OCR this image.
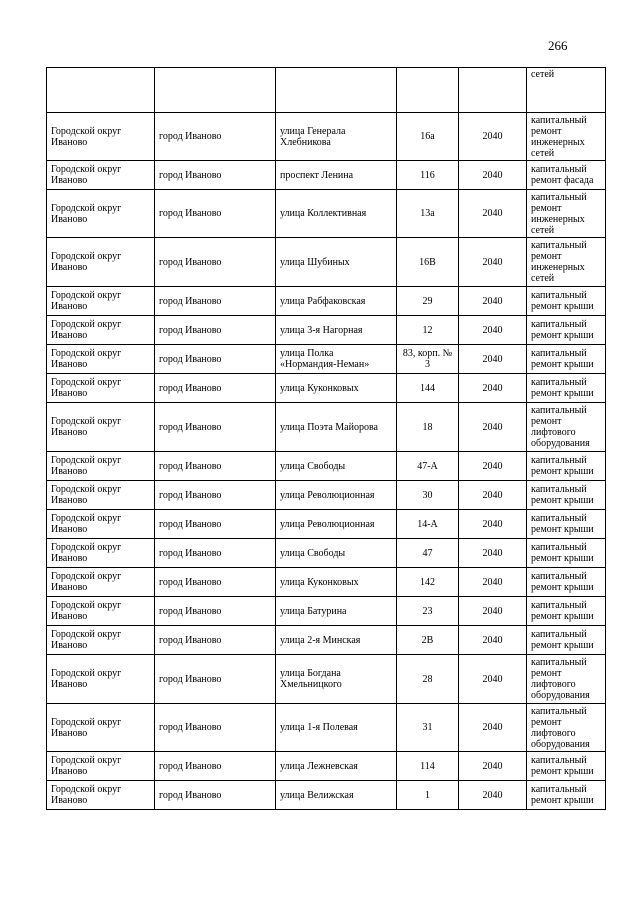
266
					сетей
Городской округ Иваново	город Иваново	улица Генерала Хлебникова	16а	2040	капитальный ремонт инженерных сетей
Городской округ Иваново	город Иваново	проспект Ленина	116	2040	капитальный ремонт фасада
Городской округ Иваново	город Иваново	улица Коллективная	13а	2040	капитальный ремонт инженерных сетей
Городской округ Иваново	город Иваново	улица Шубиных	16В	2040	капитальный ремонт инженерных сетей
Городской округ Иваново	город Иваново	улица Рабфаковская	29	2040	капитальный ремонт крыши
Городской округ Иваново	город Иваново	улица 3-я Нагорная	12	2040	капитальный ремонт крыши
Городской округ Иваново	город Иваново	улица Полка «Нормандия-Неман»	83, корп. № 3	2040	капитальный ремонт крыши
Городской округ Иваново	город Иваново	улица Куконковых	144	2040	капитальный ремонт крыши
Городской округ Иваново	город Иваново	улица Поэта Майорова	18	2040	капитальный ремонт лифтового оборудования
Городской округ Иваново	город Иваново	улица Свободы	47-А	2040	капитальный ремонт крыши
Городской округ Иваново	город Иваново	улица Революционная	30	2040	капитальный ремонт крыши
Городской округ Иваново	город Иваново	улица Революционная	14-А	2040	капитальный ремонт крыши
Городской округ Иваново	город Иваново	улица Свободы	47	2040	капитальный ремонт крыши
Городской округ Иваново	город Иваново	улица Куконковых	142	2040	капитальный ремонт крыши
Городской округ Иваново	город Иваново	улица Батурина	23	2040	капитальный ремонт крыши
Городской округ Иваново	город Иваново	улица 2-я Минская	2В	2040	капитальный ремонт крыши
Городской округ Иваново	город Иваново	улица Богдана Хмельницкого	28	2040	капитальный ремонт лифтового оборудования
Городской округ Иваново	город Иваново	улица 1-я Полевая	31	2040	капитальный ремонт лифтового оборудования
Городской округ Иваново	город Иваново	улица Лежневская	114	2040	капитальный ремонт крыши
Городской округ Иваново	город Иваново	улица Велижская	1	2040	капитальный ремонт крыши
